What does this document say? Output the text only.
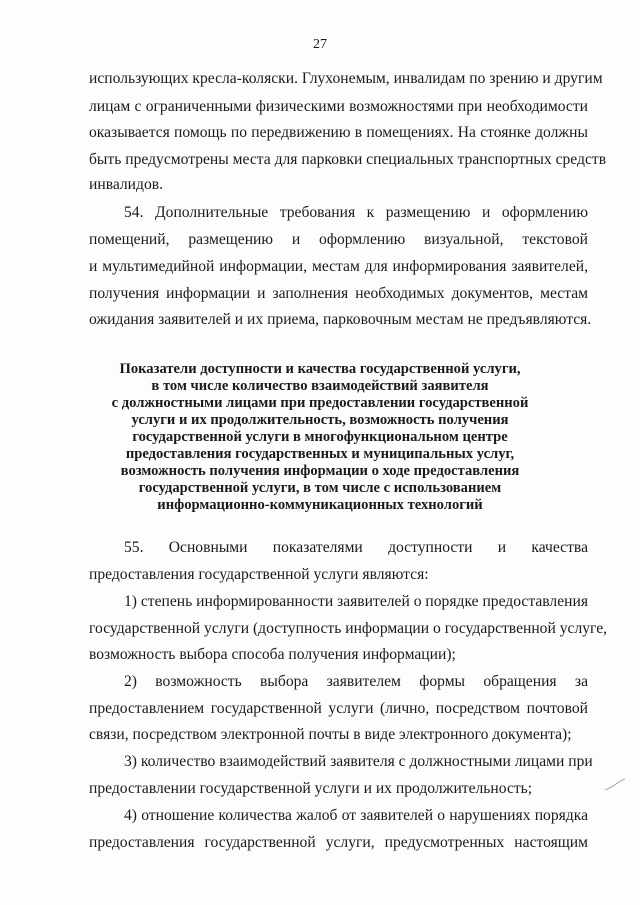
27
использующих кресла-коляски. Глухонемым, инвалидам по зрению и другим
лицам с ограниченными физическими возможностями при необходимости
оказывается помощь по передвижению в помещениях. На стоянке должны
быть предусмотрены места для парковки специальных транспортных средств
инвалидов.
54. Дополнительные требования к размещению и оформлению
помещений, размещению и оформлению визуальной, текстовой
и мультимедийной информации, местам для информирования заявителей,
получения информации и заполнения необходимых документов, местам
ожидания заявителей и их приема, парковочным местам не предъявляются.
Показатели доступности и качества государственной услуги,
в том числе количество взаимодействий заявителя
с должностными лицами при предоставлении государственной
услуги и их продолжительность, возможность получения
государственной услуги в многофункциональном центре
предоставления государственных и муниципальных услуг,
возможность получения информации о ходе предоставления
государственной услуги, в том числе с использованием
информационно-коммуникационных технологий
55. Основными показателями доступности и качества
предоставления государственной услуги являются:
1) степень информированности заявителей о порядке предоставления
государственной услуги (доступность информации о государственной услуге,
возможность выбора способа получения информации);
2) возможность выбора заявителем формы обращения за
предоставлением государственной услуги (лично, посредством почтовой
связи, посредством электронной почты в виде электронного документа);
3) количество взаимодействий заявителя с должностными лицами при
предоставлении государственной услуги и их продолжительность;
4) отношение количества жалоб от заявителей о нарушениях порядка
предоставления государственной услуги, предусмотренных настоящим
